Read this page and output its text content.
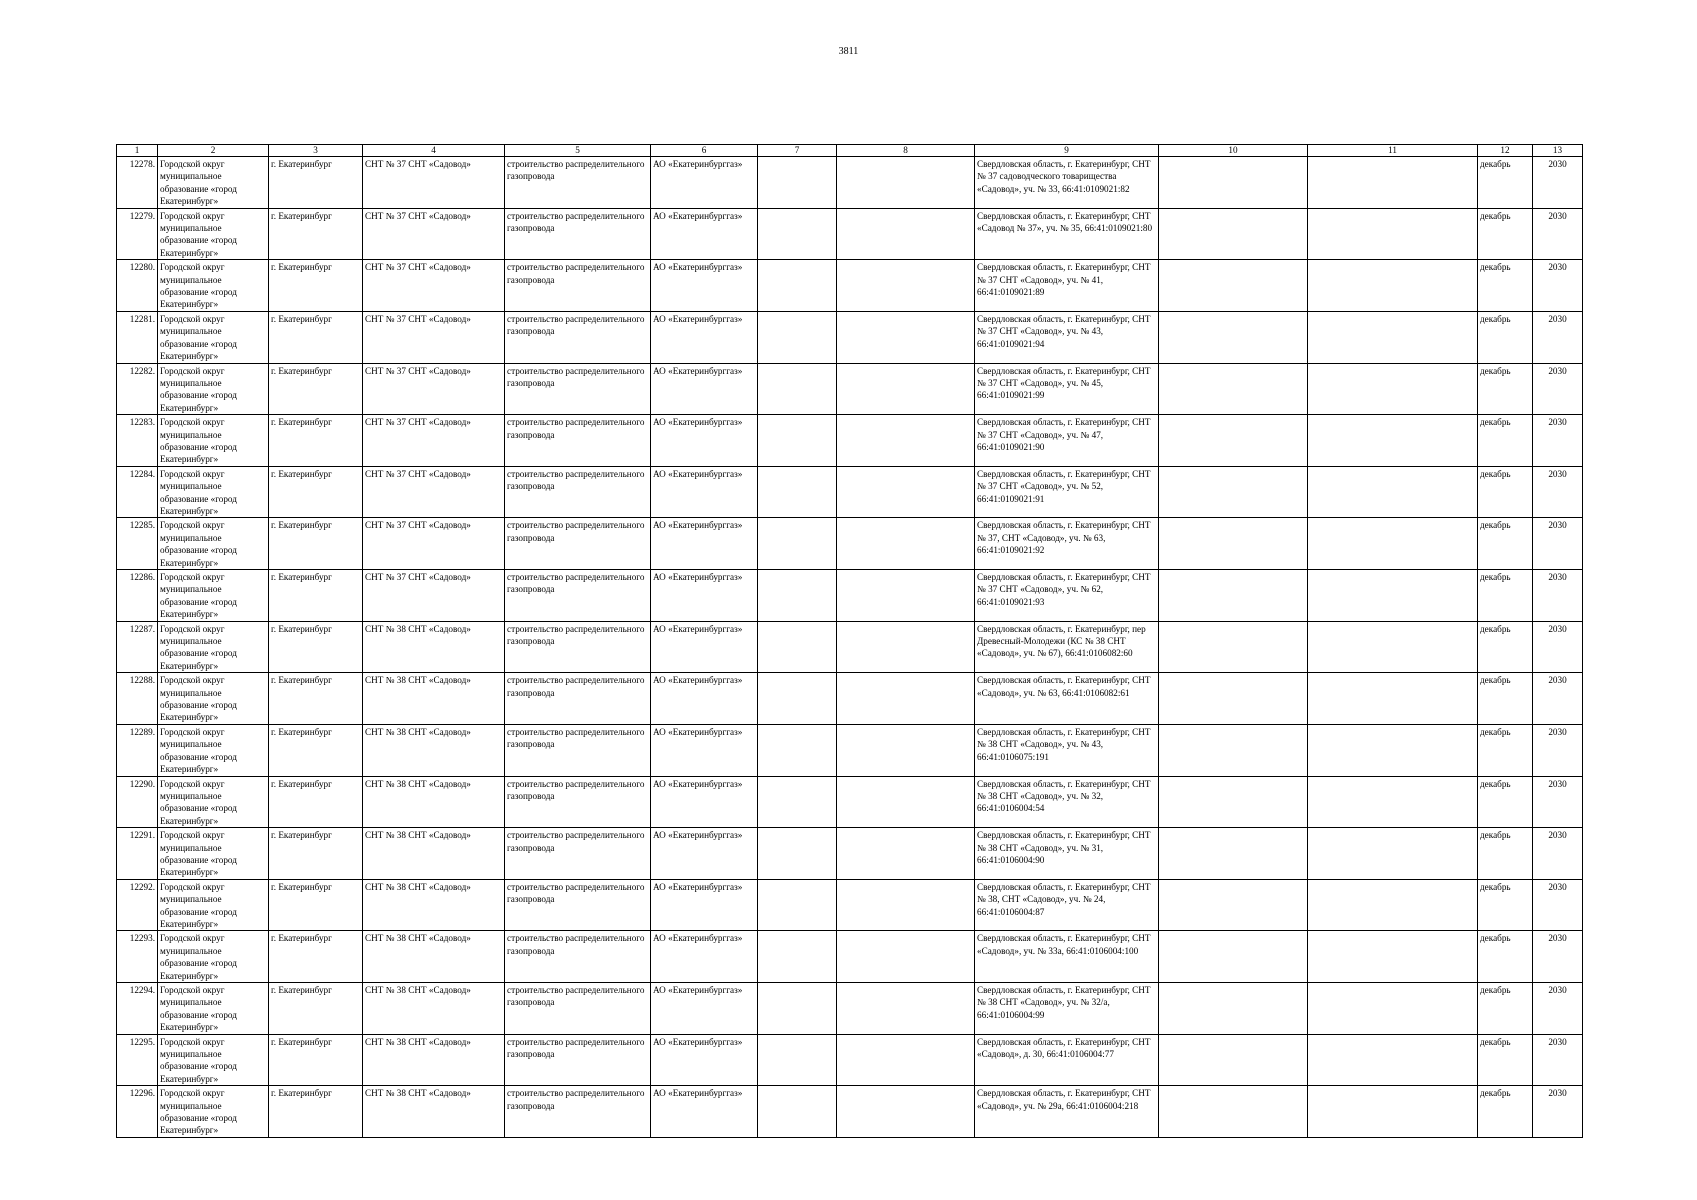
3811
1	2	3	4	5	6	7	8	9	10	11	12	13
12278.	Городской округ муниципальное образование «город Екатеринбург»	г. Екатеринбург	СНТ № 37 СНТ «Садовод»	строительство распределительного газопровода	АО «Екатеринбурггаз»			Свердловская область, г. Екатеринбург, СНТ № 37 садоводческого товарищества «Садовод», уч. № 33, 66:41:0109021:82			декабрь	2030
12279.	Городской округ муниципальное образование «город Екатеринбург»	г. Екатеринбург	СНТ № 37 СНТ «Садовод»	строительство распределительного газопровода	АО «Екатеринбурггаз»			Свердловская область, г. Екатеринбург, СНТ «Садовод № 37», уч. № 35, 66:41:0109021:80			декабрь	2030
12280.	Городской округ муниципальное образование «город Екатеринбург»	г. Екатеринбург	СНТ № 37 СНТ «Садовод»	строительство распределительного газопровода	АО «Екатеринбурггаз»			Свердловская область, г. Екатеринбург, СНТ № 37 СНТ «Садовод», уч. № 41, 66:41:0109021:89			декабрь	2030
12281.	Городской округ муниципальное образование «город Екатеринбург»	г. Екатеринбург	СНТ № 37 СНТ «Садовод»	строительство распределительного газопровода	АО «Екатеринбурггаз»			Свердловская область, г. Екатеринбург, СНТ № 37 СНТ «Садовод», уч. № 43, 66:41:0109021:94			декабрь	2030
12282.	Городской округ муниципальное образование «город Екатеринбург»	г. Екатеринбург	СНТ № 37 СНТ «Садовод»	строительство распределительного газопровода	АО «Екатеринбурггаз»			Свердловская область, г. Екатеринбург, СНТ № 37 СНТ «Садовод», уч. № 45, 66:41:0109021:99			декабрь	2030
12283.	Городской округ муниципальное образование «город Екатеринбург»	г. Екатеринбург	СНТ № 37 СНТ «Садовод»	строительство распределительного газопровода	АО «Екатеринбурггаз»			Свердловская область, г. Екатеринбург, СНТ № 37 СНТ «Садовод», уч. № 47, 66:41:0109021:90			декабрь	2030
12284.	Городской округ муниципальное образование «город Екатеринбург»	г. Екатеринбург	СНТ № 37 СНТ «Садовод»	строительство распределительного газопровода	АО «Екатеринбурггаз»			Свердловская область, г. Екатеринбург, СНТ № 37 СНТ «Садовод», уч. № 52, 66:41:0109021:91			декабрь	2030
12285.	Городской округ муниципальное образование «город Екатеринбург»	г. Екатеринбург	СНТ № 37 СНТ «Садовод»	строительство распределительного газопровода	АО «Екатеринбурггаз»			Свердловская область, г. Екатеринбург, СНТ № 37, СНТ «Садовод», уч. № 63, 66:41:0109021:92			декабрь	2030
12286.	Городской округ муниципальное образование «город Екатеринбург»	г. Екатеринбург	СНТ № 37 СНТ «Садовод»	строительство распределительного газопровода	АО «Екатеринбурггаз»			Свердловская область, г. Екатеринбург, СНТ № 37 СНТ «Садовод», уч. № 62, 66:41:0109021:93			декабрь	2030
12287.	Городской округ муниципальное образование «город Екатеринбург»	г. Екатеринбург	СНТ № 38 СНТ «Садовод»	строительство распределительного газопровода	АО «Екатеринбурггаз»			Свердловская область, г. Екатеринбург, пер Древесный-Молодежи (КС № 38 СНТ «Садовод», уч. № 67), 66:41:0106082:60			декабрь	2030
12288.	Городской округ муниципальное образование «город Екатеринбург»	г. Екатеринбург	СНТ № 38 СНТ «Садовод»	строительство распределительного газопровода	АО «Екатеринбурггаз»			Свердловская область, г. Екатеринбург, СНТ «Садовод», уч. № 63, 66:41:0106082:61			декабрь	2030
12289.	Городской округ муниципальное образование «город Екатеринбург»	г. Екатеринбург	СНТ № 38 СНТ «Садовод»	строительство распределительного газопровода	АО «Екатеринбурггаз»			Свердловская область, г. Екатеринбург, СНТ № 38 СНТ «Садовод», уч. № 43, 66:41:0106075:191			декабрь	2030
12290.	Городской округ муниципальное образование «город Екатеринбург»	г. Екатеринбург	СНТ № 38 СНТ «Садовод»	строительство распределительного газопровода	АО «Екатеринбурггаз»			Свердловская область, г. Екатеринбург, СНТ № 38 СНТ «Садовод», уч. № 32, 66:41:0106004:54			декабрь	2030
12291.	Городской округ муниципальное образование «город Екатеринбург»	г. Екатеринбург	СНТ № 38 СНТ «Садовод»	строительство распределительного газопровода	АО «Екатеринбурггаз»			Свердловская область, г. Екатеринбург, СНТ № 38 СНТ «Садовод», уч. № 31, 66:41:0106004:90			декабрь	2030
12292.	Городской округ муниципальное образование «город Екатеринбург»	г. Екатеринбург	СНТ № 38 СНТ «Садовод»	строительство распределительного газопровода	АО «Екатеринбурггаз»			Свердловская область, г. Екатеринбург, СНТ № 38, СНТ «Садовод», уч. № 24, 66:41:0106004:87			декабрь	2030
12293.	Городской округ муниципальное образование «город Екатеринбург»	г. Екатеринбург	СНТ № 38 СНТ «Садовод»	строительство распределительного газопровода	АО «Екатеринбурггаз»			Свердловская область, г. Екатеринбург, СНТ «Садовод», уч. № 33а, 66:41:0106004:100			декабрь	2030
12294.	Городской округ муниципальное образование «город Екатеринбург»	г. Екатеринбург	СНТ № 38 СНТ «Садовод»	строительство распределительного газопровода	АО «Екатеринбурггаз»			Свердловская область, г. Екатеринбург, СНТ № 38 СНТ «Садовод», уч. № 32/а, 66:41:0106004:99			декабрь	2030
12295.	Городской округ муниципальное образование «город Екатеринбург»	г. Екатеринбург	СНТ № 38 СНТ «Садовод»	строительство распределительного газопровода	АО «Екатеринбурггаз»			Свердловская область, г. Екатеринбург, СНТ «Садовод», д. 30, 66:41:0106004:77			декабрь	2030
12296.	Городской округ муниципальное образование «город Екатеринбург»	г. Екатеринбург	СНТ № 38 СНТ «Садовод»	строительство распределительного газопровода	АО «Екатеринбурггаз»			Свердловская область, г. Екатеринбург, СНТ «Садовод», уч. № 29а, 66:41:0106004:218			декабрь	2030
